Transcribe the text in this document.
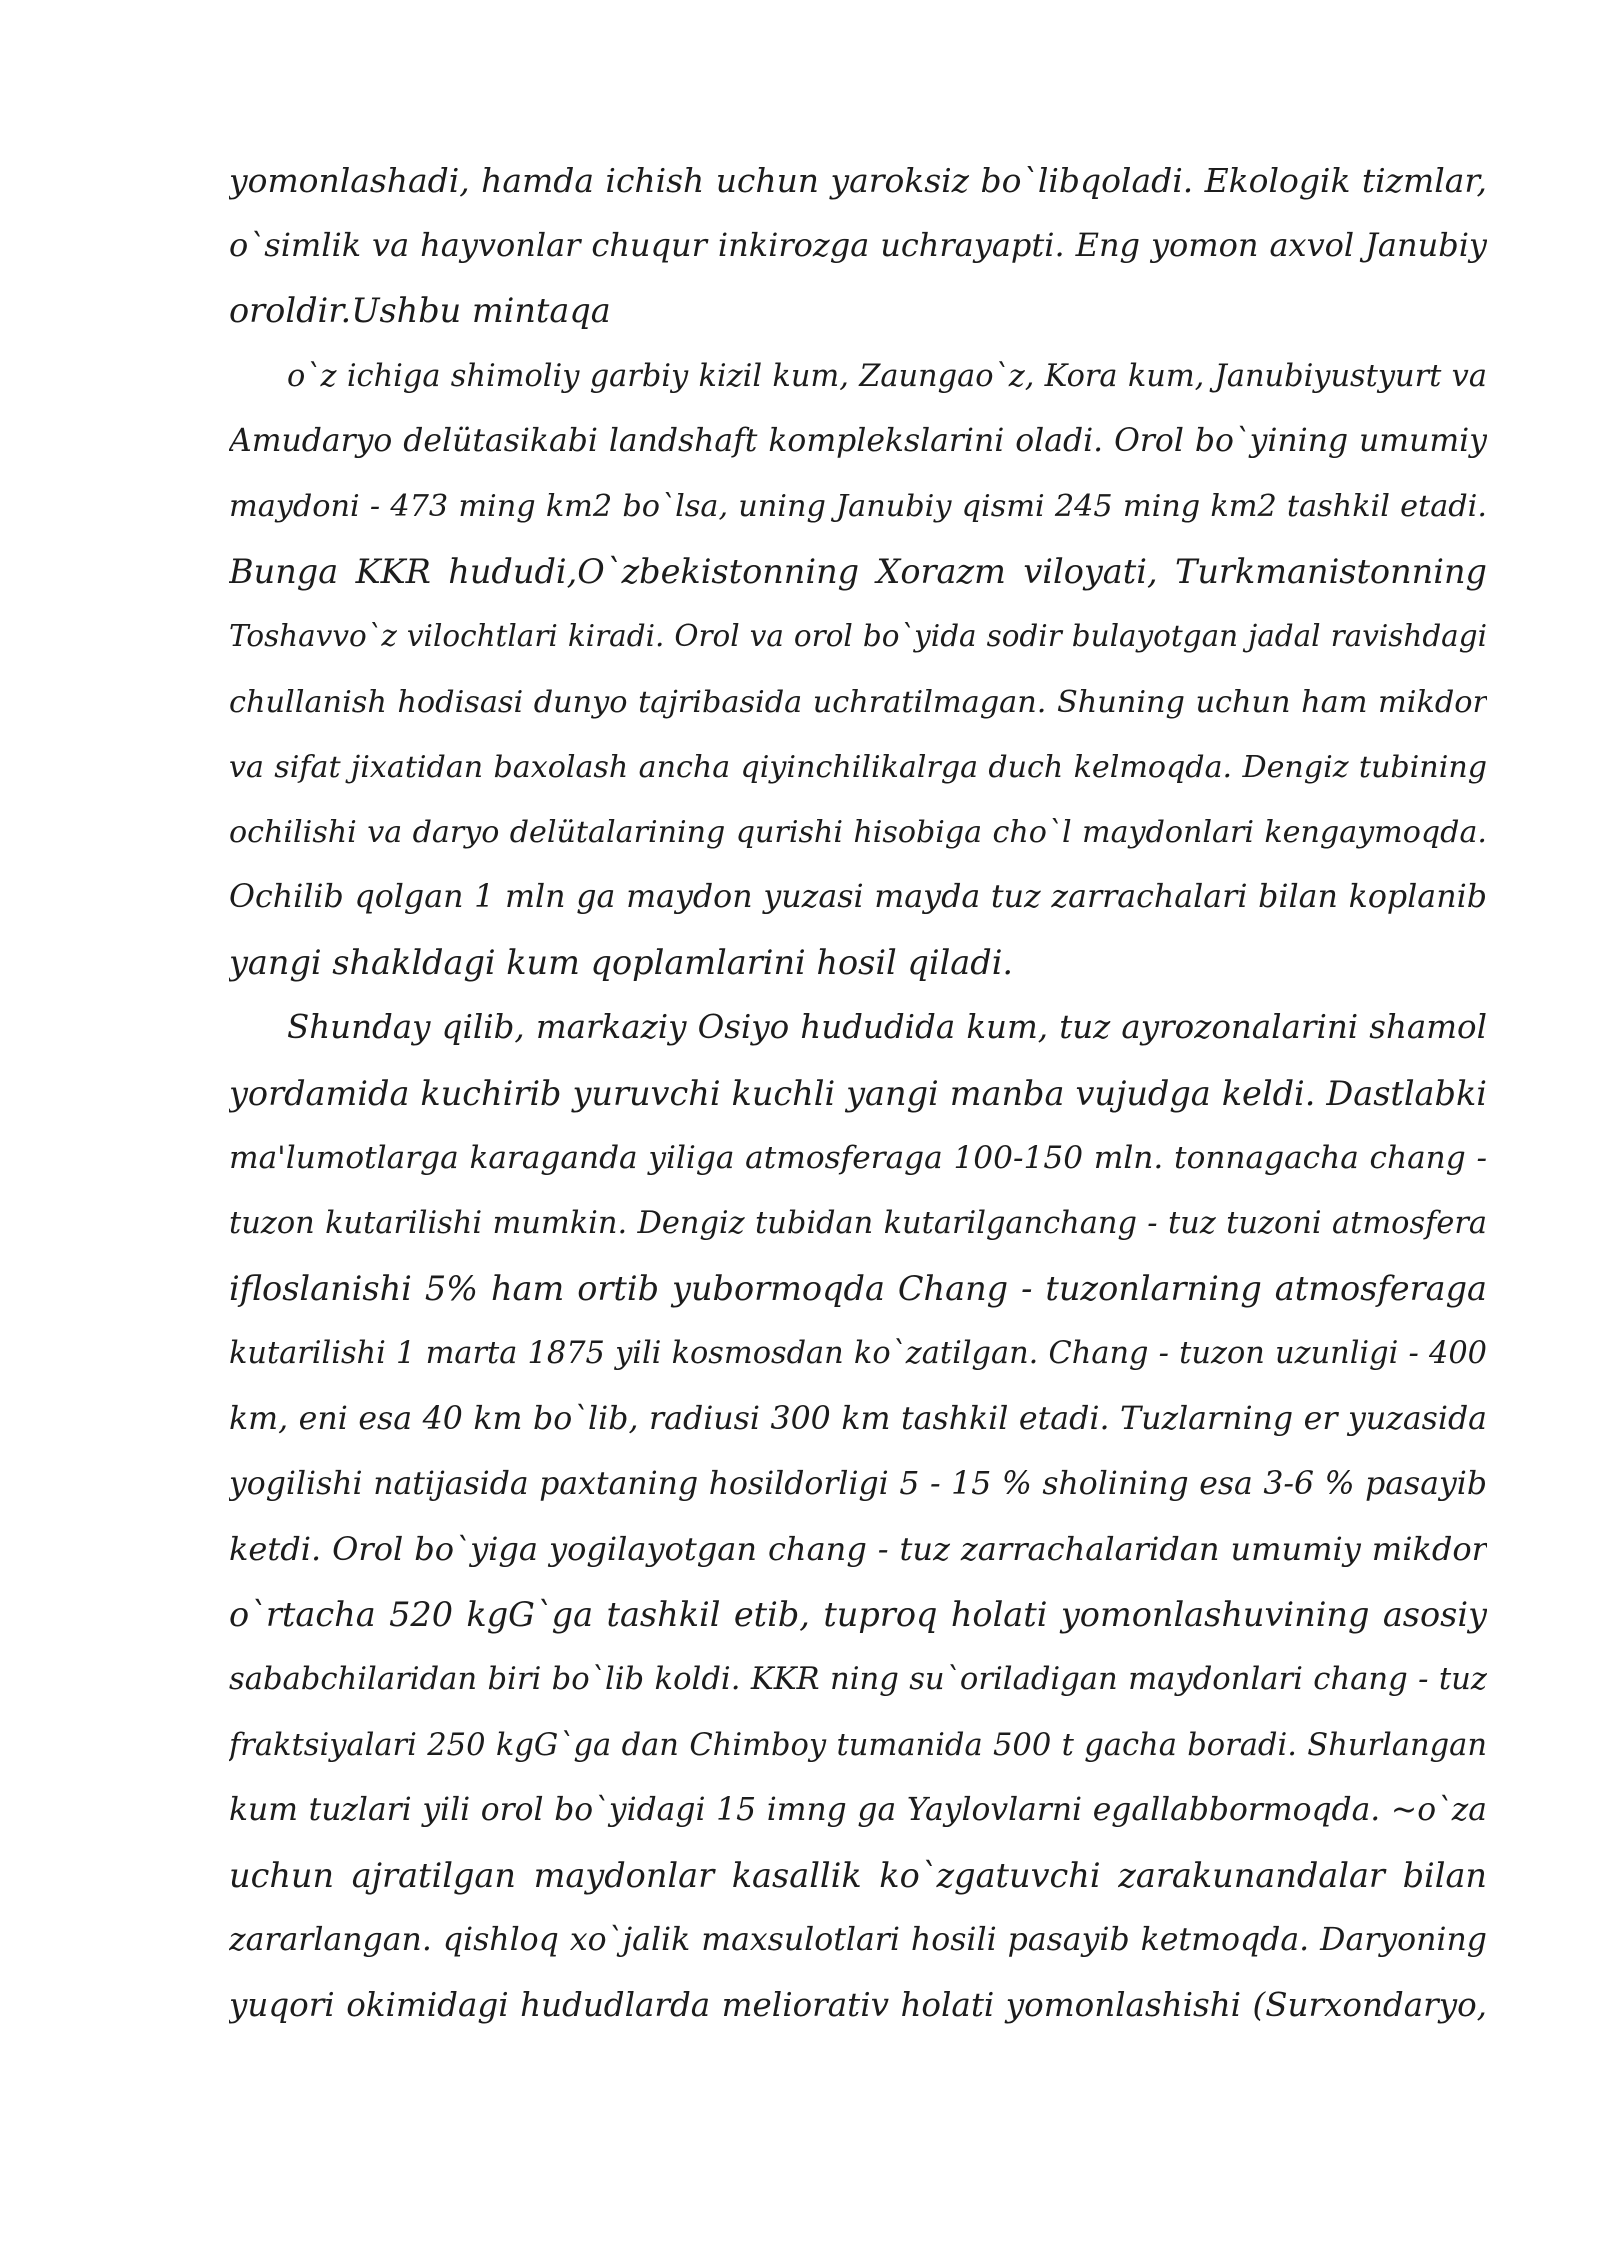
yomonlashadi, hamda ichish uchun yaroksiz bo`libqoladi. Ekologik tizmlar,
o`simlik va hayvonlar chuqur inkirozga uchrayapti. Eng yomon axvol Janubiy
oroldir.Ushbu mintaqa
o`z ichiga shimoliy garbiy kizil kum, Zaungao`z, Kora kum, Janubiyustyurt va
Amudaryo delütasikabi landshaft komplekslarini oladi. Orol bo`yining umumiy
maydoni - 473 ming km2 bo`lsa, uning Janubiy qismi 245 ming km2 tashkil etadi.
Bunga KKR hududi,O`zbekistonning Xorazm viloyati, Turkmanistonning
Toshavvo`z vilochtlari kiradi. Orol va orol bo`yida sodir bulayotgan jadal ravishdagi
chullanish hodisasi dunyo tajribasida uchratilmagan. Shuning uchun ham mikdor
va sifat jixatidan baxolash ancha qiyinchilikalrga duch kelmoqda. Dengiz tubining
ochilishi va daryo delütalarining qurishi hisobiga cho`l maydonlari kengaymoqda.
Ochilib qolgan 1 mln ga maydon yuzasi mayda tuz zarrachalari bilan koplanib
yangi shakldagi kum qoplamlarini hosil qiladi.
Shunday qilib, markaziy Osiyo hududida kum, tuz ayrozonalarini shamol
yordamida kuchirib yuruvchi kuchli yangi manba vujudga keldi. Dastlabki
ma'lumotlarga karaganda yiliga atmosferaga 100-150 mln. tonnagacha chang -
tuzon kutarilishi mumkin. Dengiz tubidan kutarilganchang - tuz tuzoni atmosfera
ifloslanishi 5% ham ortib yubormoqda Chang - tuzonlarning atmosferaga
kutarilishi 1 marta 1875 yili kosmosdan ko`zatilgan. Chang - tuzon uzunligi - 400
km, eni esa 40 km bo`lib, radiusi 300 km tashkil etadi. Tuzlarning er yuzasida
yogilishi natijasida paxtaning hosildorligi 5 - 15 % sholining esa 3-6 % pasayib
ketdi. Orol bo`yiga yogilayotgan chang - tuz zarrachalaridan umumiy mikdor
o`rtacha 520 kgG`ga tashkil etib, tuproq holati yomonlashuvining asosiy
sababchilaridan biri bo`lib koldi. KKR ning su`oriladigan maydonlari chang - tuz
fraktsiyalari 250 kgG`ga dan Chimboy tumanida 500 t gacha boradi. Shurlangan
kum tuzlari yili orol bo`yidagi 15 imng ga Yaylovlarni egallabbormoqda. ~o`za
uchun ajratilgan maydonlar kasallik ko`zgatuvchi zarakunandalar bilan
zararlangan. qishloq xo`jalik maxsulotlari hosili pasayib ketmoqda. Daryoning
yuqori okimidagi hududlarda meliorativ holati yomonlashishi (Surxondaryo,
